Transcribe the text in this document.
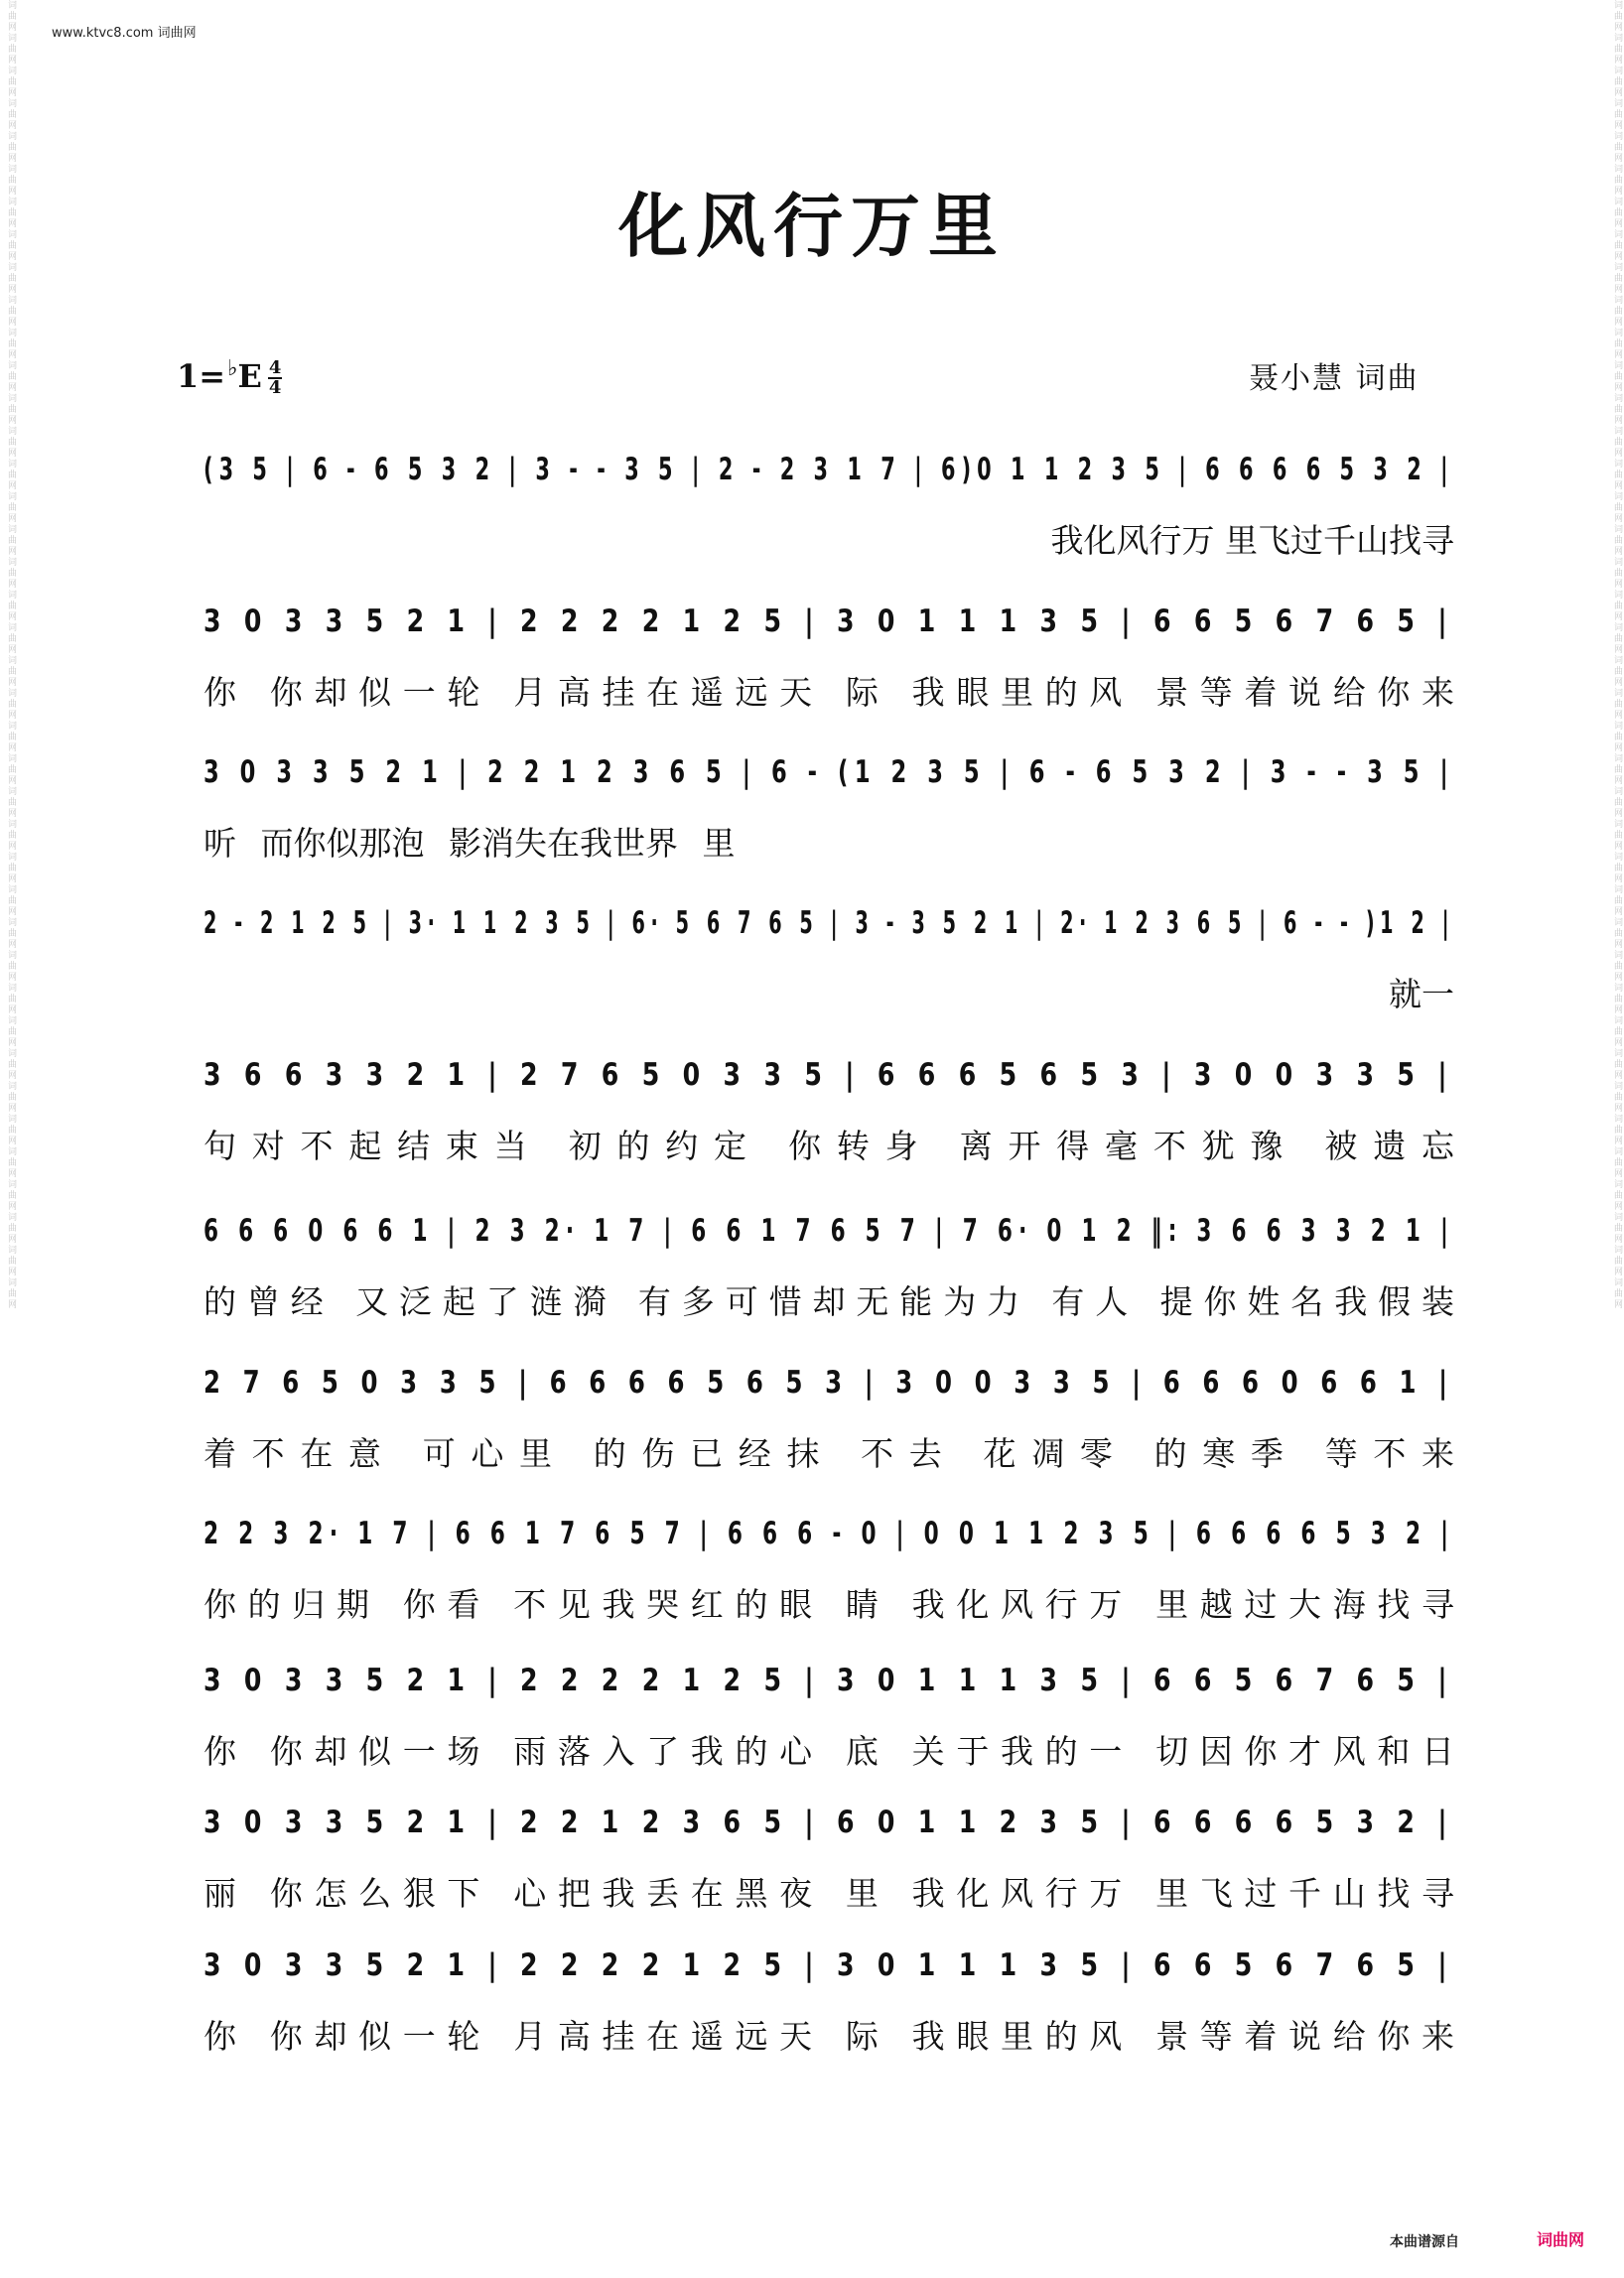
词曲网词曲网词曲网词曲网词曲网词曲网词曲网词曲网词曲网词曲网词曲网词曲网词曲网词曲网词曲网词曲网词曲网词曲网词曲网词曲网词曲网词曲网词曲网词曲网词曲网词曲网词曲网词曲网词曲网词曲网词曲网词曲网词曲网词曲网词曲网词曲网词曲网词曲网词曲网词曲网	词曲网词曲网词曲网词曲网词曲网词曲网词曲网词曲网词曲网词曲网词曲网词曲网词曲网词曲网词曲网词曲网词曲网词曲网词曲网词曲网词曲网词曲网词曲网词曲网词曲网词曲网词曲网词曲网词曲网词曲网词曲网词曲网词曲网词曲网词曲网词曲网词曲网词曲网词曲网词曲网
www.ktvc8.com 词曲网
化风行万里
$1=^♭E \frac{4}{4}$	聂小慧 词曲
(3 5 | 6 - 6 5 3 2 | 3 - - 3 5 | 2 - 2 3 1 7 | 6)0 1 1 2 3 5 | 6 6 6 6 5 3 2 |
我化风行万 里飞过千山找寻
3 0 3 3 5 2 1 | 2 2 2 2 1 2 5 | 3 0 1 1 1 3 5 | 6 6 5 6 7 6 5 |
你 你却似一轮 月高挂在遥远天 际 我眼里的风 景等着说给你来
3 0 3 3 5 2 1 | 2 2 1 2 3 6 5 | 6 - (1 2 3 5 | 6 - 6 5 3 2 | 3 - - 3 5 |
听 而你似那泡 影消失在我世界 里
2 - 2 1 2 5 | 3· 1 1 2 3 5 | 6· 5 6 7 6 5 | 3 - 3 5 2 1 | 2· 1 2 3 6 5 | 6 - - )1 2 |
就一
3 6 6 3 3 2 1 | 2 7 6 5 0 3 3 5 | 6 6 6 5 6 5 3 | 3 0 0 3 3 5 |
句对不起结束当 初的约定 你转身 离开得毫不犹豫 被遗忘
6 6 6 0 6 6 1 | 2 3 2· 1 7 | 6 6 1 7 6 5 7 | 7 6· 0 1 2 ‖: 3 6 6 3 3 2 1 |
的曾经 又泛起了涟漪 有多可惜却无能为力 有人 提你姓名我假装
2 7 6 5 0 3 3 5 | 6 6 6 6 5 6 5 3 | 3 0 0 3 3 5 | 6 6 6 0 6 6 1 |
着不在意 可心里 的伤已经抹 不去 花凋零 的寒季 等不来
2 2 3 2· 1 7 | 6 6 1 7 6 5 7 | 6 6 6 - 0 | 0 0 1 1 2 3 5 | 6 6 6 6 5 3 2 |
你的归期 你看 不见我哭红的眼 睛 我化风行万 里越过大海找寻
3 0 3 3 5 2 1 | 2 2 2 2 1 2 5 | 3 0 1 1 1 3 5 | 6 6 5 6 7 6 5 |
你 你却似一场 雨落入了我的心 底 关于我的一 切因你才风和日
3 0 3 3 5 2 1 | 2 2 1 2 3 6 5 | 6 0 1 1 2 3 5 | 6 6 6 6 5 3 2 |
丽 你怎么狠下 心把我丢在黑夜 里 我化风行万 里飞过千山找寻
3 0 3 3 5 2 1 | 2 2 2 2 1 2 5 | 3 0 1 1 1 3 5 | 6 6 5 6 7 6 5 |
你 你却似一轮 月高挂在遥远天 际 我眼里的风 景等着说给你来
本曲谱源自	词曲网
